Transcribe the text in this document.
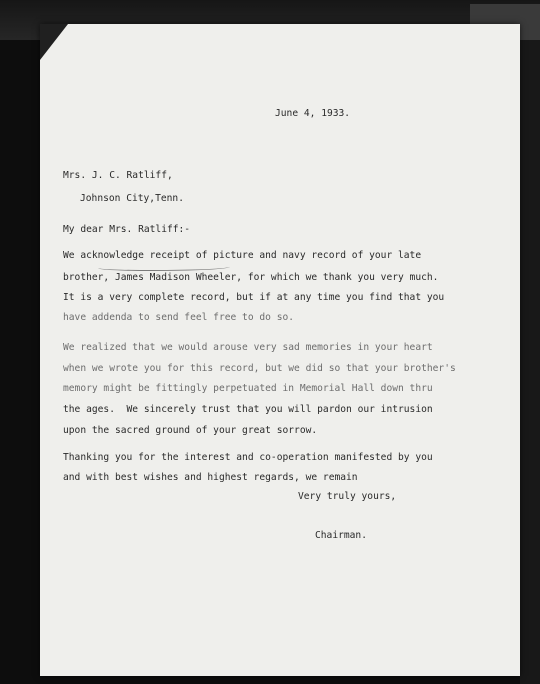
June 4, 1933.

Mrs. J. C. Ratliff,

Johnson City,Tenn.

My dear Mrs. Ratliff:-

We acknowledge receipt of picture and navy record of your late

brother, James Madison Wheeler, for which we thank you very much.

It is a very complete record, but if at any time you find that you

have addenda to send feel free to do so.

We realized that we would arouse very sad memories in your heart

when we wrote you for this record, but we did so that your brother's

memory might be fittingly perpetuated in Memorial Hall down thru

the ages.  We sincerely trust that you will pardon our intrusion

upon the sacred ground of your great sorrow.

Thanking you for the interest and co-operation manifested by you

and with best wishes and highest regards, we remain

Very truly yours,

Chairman.
